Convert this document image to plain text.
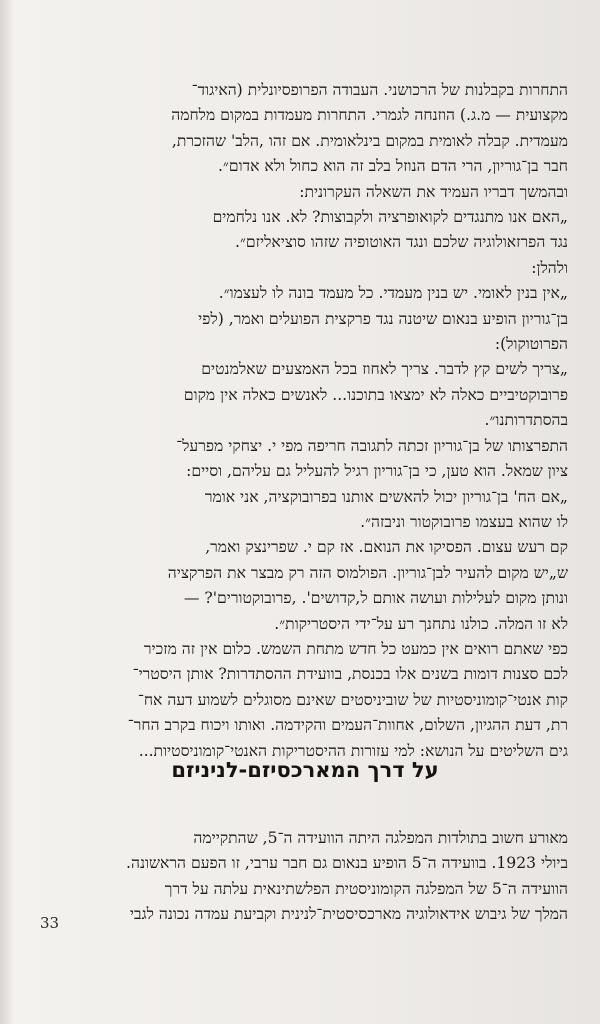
התחרות בקבלנות של הרכושני. העבודה הפרופסיונלית (האיגוד־
מקצועית — מ.ג.) הוזנחה לגמרי. התחרות מעמדות במקום מלחמה
מעמדית. קבלה לאומית במקום בינלאומית. אם זהו ,הלב' שהזכרת,
חבר בן־גוריון, הרי הדם הנוזל בלב זה הוא כחול ולא אדום״.
ובהמשך דבריו העמיד את השאלה העקרונית:
„האם אנו מתנגדים לקואופרציה ולקבוצות? לא. אנו נלחמים
נגד הפרזאולוגיה שלכם ונגד האוטופיה שזהו סוציאליזם״.
ולהלן:
„אין בנין לאומי. יש בנין מעמדי. כל מעמד בונה לו לעצמו״.
בן־גוריון הופיע בנאום שיטנה נגד פרקצית הפועלים ואמר, (לפי
הפרוטוקול):
„צריך לשים קץ לדבר. צריך לאחוז בכל האמצעים שאלמנטים
פרובוקטיביים כאלה לא ימצאו בתוכנו... לאנשים כאלה אין מקום
בהסתדרותנו״.
התפרצותו של בן־גוריון זכתה לתגובה חריפה מפי י. יצחקי מפרעל־
ציון שמאל. הוא טען, כי בן־גוריון רגיל להעליל גם עליהם, וסיים:
„אם הח' בן־גוריון יכול להאשים אותנו בפרובוקציה, אני אומר
לו שהוא בעצמו פרובוקטור וניבזה״.
קם רעש עצום. הפסיקו את הנואם. אז קם י. שפרינצק ואמר,
ש„יש מקום להעיר לבן־גוריון. הפולמוס הזה רק מבצר את הפרקציה
ונותן מקום לעלילות ועושה אותם ל,קדושים'. ,פרובוקטורים'? —
לא זו המלה. כולנו נתחנך רע על־ידי היסטריקות״.
כפי שאתם רואים אין כמעט כל חדש מתחת השמש. כלום אין זה מזכיר
לכם סצנות דומות בשנים אלו בכנסת, בוועידת ההסתדרות? אותן היסטרי־
קות אנטי־קומוניסטיות של שוביניסטים שאינם מסוגלים לשמוע דעה אח־
רת, דעת ההגיון, השלום, אחוות־העמים והקידמה. ואותו ויכוח בקרב החר־
גים השליטים על הנושא: למי עזורות ההיסטריקות האנטי־קומוניסטיות...
על דרך המארכסיזם-לניניזם
מאורע חשוב בתולדות המפלגה היתה הוועידה ה־5, שהתקיימה
ביולי 1923. בוועידה ה־5 הופיע בנאום גם חבר ערבי, זו הפעם הראשונה.
הוועידה ה־5 של המפלגה הקומוניסטית הפלשתינאית עלתה על דרך
המלך של גיבוש אידאולוגיה מארכסיסטית־לנינית וקביעת עמדה נכונה לגבי
33
